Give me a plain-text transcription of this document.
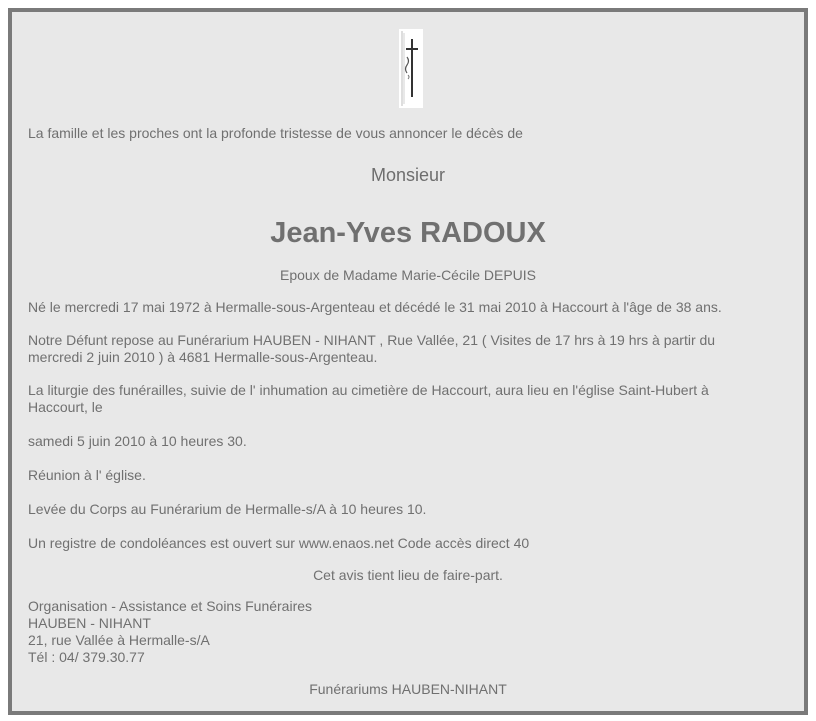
La famille et les proches ont la profonde tristesse de vous annoncer le décès de
Monsieur
Jean-Yves RADOUX
Epoux de Madame Marie-Cécile DEPUIS
Né le mercredi 17 mai 1972 à Hermalle-sous-Argenteau et décédé le 31 mai 2010 à Haccourt à l'âge de 38 ans.
Notre Défunt repose au Funérarium HAUBEN - NIHANT , Rue Vallée, 21 ( Visites de 17 hrs à 19 hrs à partir du
mercredi 2 juin 2010 ) à 4681 Hermalle-sous-Argenteau.
La liturgie des funérailles, suivie de l' inhumation au cimetière de Haccourt, aura lieu en l'église Saint-Hubert à
Haccourt, le
samedi 5 juin 2010 à 10 heures 30.
Réunion à l' église.
Levée du Corps au Funérarium de Hermalle-s/A à 10 heures 10.
Un registre de condoléances est ouvert sur www.enaos.net Code accès direct 40
Cet avis tient lieu de faire-part.
Organisation - Assistance et Soins Funéraires
HAUBEN - NIHANT
21, rue Vallée à Hermalle-s/A
Tél : 04/ 379.30.77
Funérariums HAUBEN-NIHANT
